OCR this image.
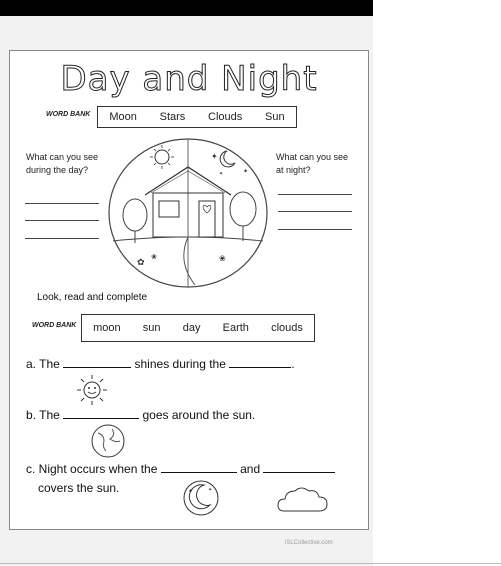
Day and Night
WORD BANK Moon Stars Clouds Sun
What can you see during the day?
What can you see at night?
✦
✦
✦
✿ ❀	❀
Look, read and complete
WORD BANK moon sun day Earth clouds
a. The	shines during the	.
b. The	goes around the sun.
c. Night occurs when the	and
covers the sun.	✦	✦
iSLCollective.com
